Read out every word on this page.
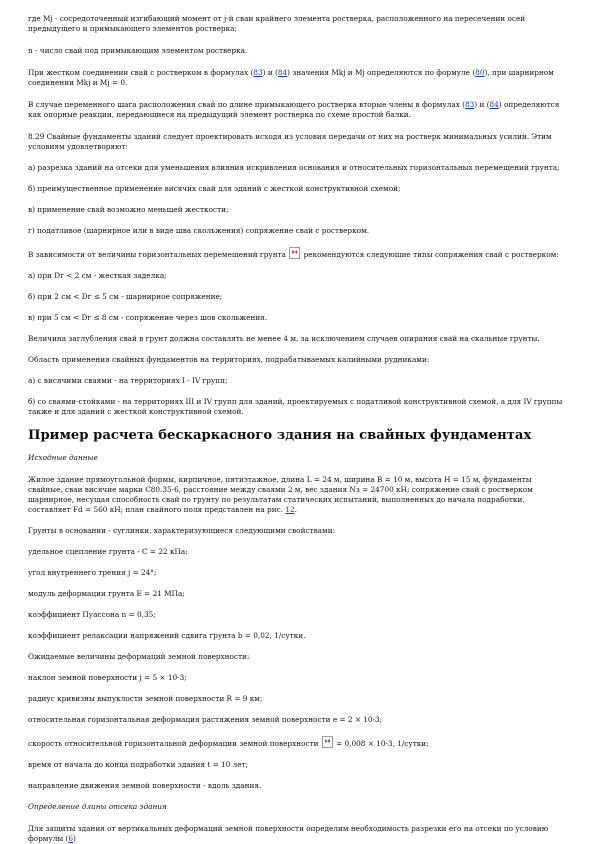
где Mj - сосредоточенный изгибающий момент от j-й сваи крайнего элемента ростверка, расположенного на пересечении осей предыдущего и примыкающего элементов ростверка;

n - число свай под примыкающим элементом ростверка.

При жестком соединении свай с ростверком в формулах (83) и (84) значения Mkj и Mj определяются по формуле (80), при шарнирном соединении Mkj и Mj = 0.

В случае переменного шага расположения свай по длине примыкающего ростверка вторые члены в формулах (83) и (84) определяются как опорные реакции, передающиеся на предыдущий элемент ростверка по схеме простой балки.

8.29 Свайные фундаменты зданий следует проектировать исходя из условия передачи от них на ростверк минимальных усилий. Этим условиям удовлетворяют:

а) разрезка зданий на отсеки для уменьшения влияния искривления основания и относительных горизонтальных перемещений грунта;

б) преимущественное применение висячих свай для зданий с жесткой конструктивной схемой;

в) применение свай возможно меньшей жесткости;

г) податливое (шарнирное или в виде шва скольжения) сопряжение свай с ростверком.

В зависимости от величины горизонтальных перемещений грунта  рекомендуются следующие типы сопряжения свай с ростверком:

а) при Dг < 2 см - жесткая заделка;

б) при 2 см < Dг ≤ 5 см - шарнирное сопряжение;

в) при 5 см < Dг ≤ 8 см - сопряжение через шов скольжения.

Величина заглубления свай в грунт должна составлять не менее 4 м, за исключением случаев опирания свай на скальные грунты.

Область применения свайных фундаментов на территориях, подрабатываемых калийными рудниками:

а) с висячими сваями - на территориях I - IV групп;

б) со сваями-стойками - на территориях III и IV групп для зданий, проектируемых с податливой конструктивной схемой, а для IV группы также и для зданий с жесткой конструктивной схемой.

Пример расчета бескаркасного здания на свайных фундаментах
Исходные данные

Жилое здание прямоугольной формы, кирпичное, пятиэтажное, длина L = 24 м, ширина B = 10 м, высота H = 15 м, фундаменты свайные, сваи висячие марки С80.35-6, расстояние между сваями 2 м, вес здания Nз = 24700 кН; сопряжение свай с ростверком шарнирное, несущая способность свай по грунту по результатам статических испытаний, выполненных до начала подработки, составляет Fd = 560 кН; план свайного поля представлен на рис. 12.

Грунты в основании - суглинки, характеризующиеся следующими свойствами:

удельное сцепление грунта - C = 22 кПа;

угол внутреннего трения j = 24°;

модуль деформации грунта E = 21 МПа;

коэффициент Пуассона n = 0,35;

коэффициент релаксации напряжений сдвига грунта b = 0,02, 1/сутки.

Ожидаемые величины деформаций земной поверхности:

наклон земной поверхности j = 5 × 10-3;

радиус кривизны выпуклости земной поверхности R = 9 км;

относительная горизонтальная деформация растяжения земной поверхности e = 2 × 10-3;

скорость относительной горизонтальной деформации земной поверхности  = 0,008 × 10-3, 1/сутки;

время от начала до конца подработки здания t = 10 лет;

направление движения земной поверхности - вдоль здания.

Определение длины отсека здания

Для защиты здания от вертикальных деформаций земной поверхности определим необходимость разрезки его на отсеки по условию формулы (6)
